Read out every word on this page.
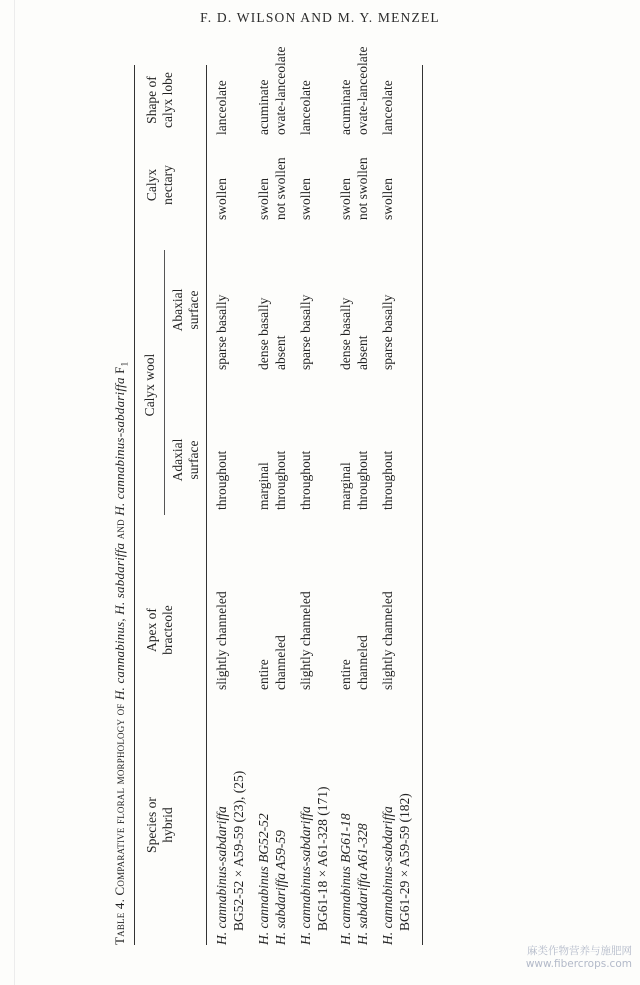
F. D. WILSON AND M. Y. MENZEL
Table 4. Comparative floral morphology of H. cannabinus, H. sabdariffa and H. cannabinus-sabdariffa $F_1$
Species or hybrid
Apex of bracteole
Calyx wool
Adaxial surface
Abaxial surface
Calyx nectary
Shape of calyx lobe
H. cannabinus-sabdariffa BG52-52 × A59-59 (23), (25)
slightly channeled
throughout
sparse basally
swollen
lanceolate
H. cannabinus BG52-52 H. sabdariffa A59-59
entire channeled
marginal throughout
dense basally absent
swollen not swollen
acuminate ovate-lanceolate
H. cannabinus-sabdariffa BG61-18 × A61-328 (171)
slightly channeled
throughout
sparse basally
swollen
lanceolate
H. cannabinus BG61-18 H. sabdariffa A61-328
entire channeled
marginal throughout
dense basally absent
swollen not swollen
acuminate ovate-lanceolate
H. cannabinus-sabdariffa BG61-29 × A59-59 (182)
slightly channeled
throughout
sparse basally
swollen
lanceolate
麻类作物营养与施肥网
www.fibercrops.com
